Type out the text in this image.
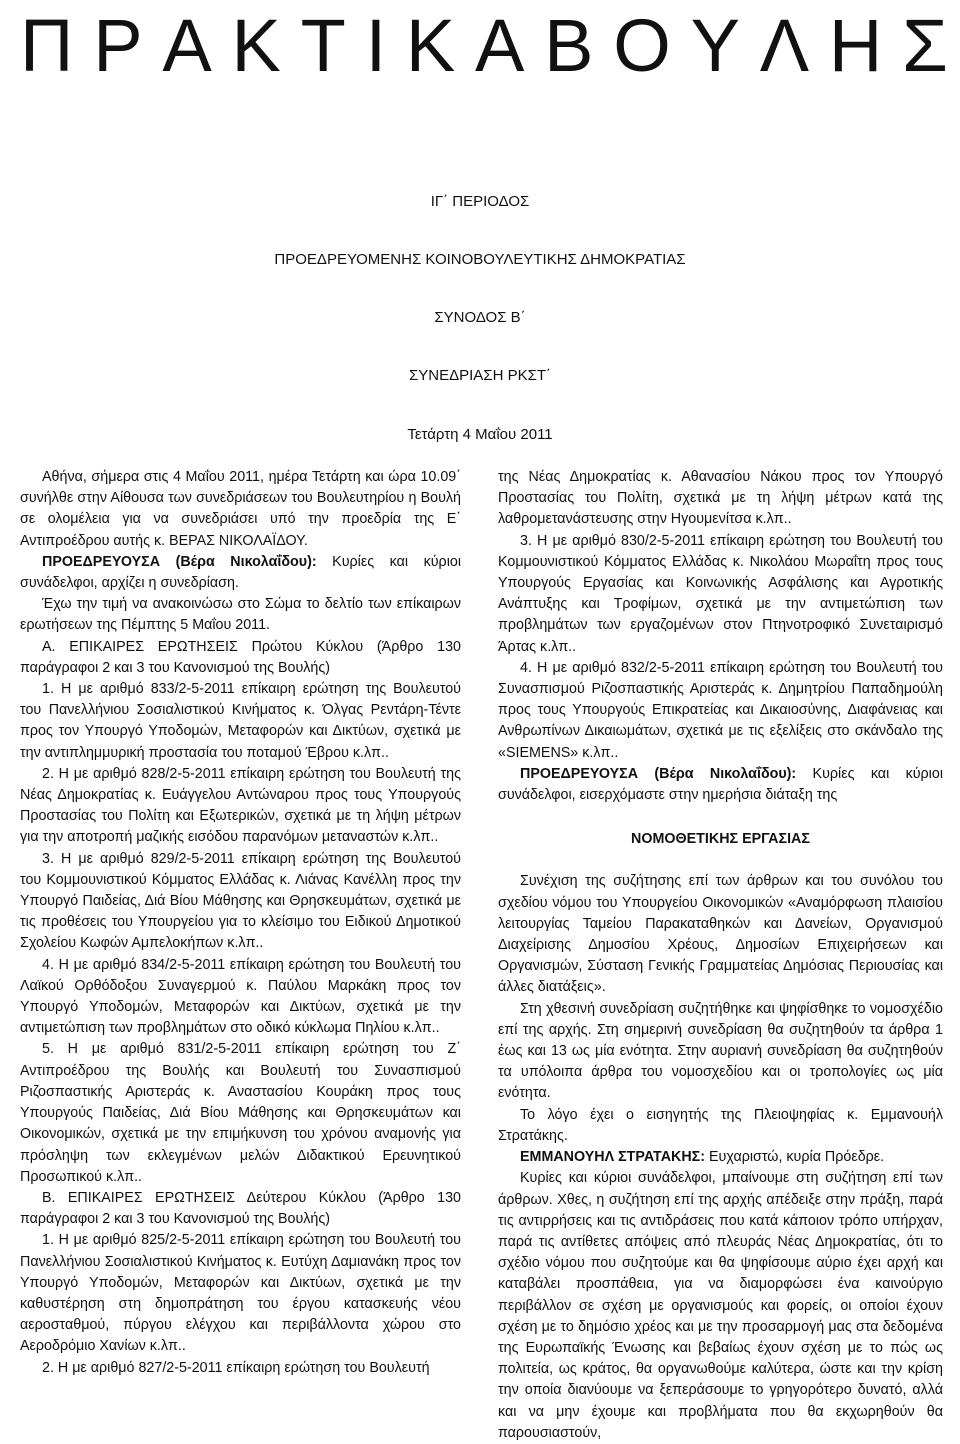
Π Ρ Α Κ Τ Ι Κ Α Β Ο Υ Λ Η Σ
ΙΓ΄ ΠΕΡΙΟΔΟΣ
ΠΡΟΕΔΡΕΥΟΜΕΝΗΣ ΚΟΙΝΟΒΟΥΛΕΥΤΙΚΗΣ ΔΗΜΟΚΡΑΤΙΑΣ
ΣΥΝΟΔΟΣ Β΄
ΣΥΝΕΔΡΙΑΣΗ ΡΚΣΤ΄
Τετάρτη 4 Μαΐου 2011

Αθήνα, σήμερα στις 4 Μαΐου 2011, ημέρα Τετάρτη και ώρα 10.09΄ συνήλθε στην Αίθουσα των συνεδριάσεων του Βουλευτηρίου η Βουλή σε ολομέλεια για να συνεδριάσει υπό την προεδρία της Ε΄ Αντιπροέδρου αυτής κ. ΒΕΡΑΣ ΝΙΚΟΛΑΪΔΟΥ.

ΠΡΟΕΔΡΕΥΟΥΣΑ (Βέρα Νικολαΐδου): Κυρίες και κύριοι συνάδελφοι, αρχίζει η συνεδρίαση.

Έχω την τιμή να ανακοινώσω στο Σώμα το δελτίο των επίκαιρων ερωτήσεων της Πέμπτης 5 Μαΐου 2011.

Α. ΕΠΙΚΑΙΡΕΣ ΕΡΩΤΗΣΕΙΣ Πρώτου Κύκλου (Άρθρο 130 παράγραφοι 2 και 3 του Κανονισμού της Βουλής)

1. Η με αριθμό 833/2-5-2011 επίκαιρη ερώτηση της Βουλευτού του Πανελλήνιου Σοσιαλιστικού Κινήματος κ. Όλγας Ρεντάρη-Τέντε προς τον Υπουργό Υποδομών, Μεταφορών και Δικτύων, σχετικά με την αντιπλημμυρική προστασία του ποταμού Έβρου κ.λπ..

2. Η με αριθμό 828/2-5-2011 επίκαιρη ερώτηση του Βουλευτή της Νέας Δημοκρατίας κ. Ευάγγελου Αντώναρου προς τους Υπουργούς Προστασίας του Πολίτη και Εξωτερικών, σχετικά με τη λήψη μέτρων για την αποτροπή μαζικής εισόδου παρανόμων μεταναστών κ.λπ..

3. Η με αριθμό 829/2-5-2011 επίκαιρη ερώτηση της Βουλευτού του Κομμουνιστικού Κόμματος Ελλάδας κ. Λιάνας Κανέλλη προς την Υπουργό Παιδείας, Διά Βίου Μάθησης και Θρησκευμάτων, σχετικά με τις προθέσεις του Υπουργείου για το κλείσιμο του Ειδικού Δημοτικού Σχολείου Κωφών Αμπελοκήπων κ.λπ..

4. Η με αριθμό 834/2-5-2011 επίκαιρη ερώτηση του Βουλευτή του Λαϊκού Ορθόδοξου Συναγερμού κ. Παύλου Μαρκάκη προς τον Υπουργό Υποδομών, Μεταφορών και Δικτύων, σχετικά με την αντιμετώπιση των προβλημάτων στο οδικό κύκλωμα Πηλίου κ.λπ..

5. Η με αριθμό 831/2-5-2011 επίκαιρη ερώτηση του Ζ΄ Αντιπροέδρου της Βουλής και Βουλευτή του Συνασπισμού Ριζοσπαστικής Αριστεράς κ. Αναστασίου Κουράκη προς τους Υπουργούς Παιδείας, Διά Βίου Μάθησης και Θρησκευμάτων και Οικονομικών, σχετικά με την επιμήκυνση του χρόνου αναμονής για πρόσληψη των εκλεγμένων μελών Διδακτικού Ερευνητικού Προσωπικού κ.λπ..

Β. ΕΠΙΚΑΙΡΕΣ ΕΡΩΤΗΣΕΙΣ Δεύτερου Κύκλου (Άρθρο 130 παράγραφοι 2 και 3 του Κανονισμού της Βουλής)

1. Η με αριθμό 825/2-5-2011 επίκαιρη ερώτηση του Βουλευτή του Πανελλήνιου Σοσιαλιστικού Κινήματος κ. Ευτύχη Δαμιανάκη προς τον Υπουργό Υποδομών, Μεταφορών και Δικτύων, σχετικά με την καθυστέρηση στη δημοπράτηση του έργου κατασκευής νέου αεροσταθμού, πύργου ελέγχου και περιβάλλοντα χώρου στο Αεροδρόμιο Χανίων κ.λπ..

2. Η με αριθμό 827/2-5-2011 επίκαιρη ερώτηση του Βουλευτή

της Νέας Δημοκρατίας κ. Αθανασίου Νάκου προς τον Υπουργό Προστασίας του Πολίτη, σχετικά με τη λήψη μέτρων κατά της λαθρομετανάστευσης στην Ηγουμενίτσα κ.λπ..

3. Η με αριθμό 830/2-5-2011 επίκαιρη ερώτηση του Βουλευτή του Κομμουνιστικού Κόμματος Ελλάδας κ. Νικολάου Μωραΐτη προς τους Υπουργούς Εργασίας και Κοινωνικής Ασφάλισης και Αγροτικής Ανάπτυξης και Τροφίμων, σχετικά με την αντιμετώπιση των προβλημάτων των εργαζομένων στον Πτηνοτροφικό Συνεταιρισμό Άρτας κ.λπ..

4. Η με αριθμό 832/2-5-2011 επίκαιρη ερώτηση του Βουλευτή του Συνασπισμού Ριζοσπαστικής Αριστεράς κ. Δημητρίου Παπαδημούλη προς τους Υπουργούς Επικρατείας και Δικαιοσύνης, Διαφάνειας και Ανθρωπίνων Δικαιωμάτων, σχετικά με τις εξελίξεις στο σκάνδαλο της «SIEMENS» κ.λπ..

ΠΡΟΕΔΡΕΥΟΥΣΑ (Βέρα Νικολαΐδου): Κυρίες και κύριοι συνάδελφοι, εισερχόμαστε στην ημερήσια διάταξη της

ΝΟΜΟΘΕΤΙΚΗΣ ΕΡΓΑΣΙΑΣ

Συνέχιση της συζήτησης επί των άρθρων και του συνόλου του σχεδίου νόμου του Υπουργείου Οικονομικών «Αναμόρφωση πλαισίου λειτουργίας Ταμείου Παρακαταθηκών και Δανείων, Οργανισμού Διαχείρισης Δημοσίου Χρέους, Δημοσίων Επιχειρήσεων και Οργανισμών, Σύσταση Γενικής Γραμματείας Δημόσιας Περιουσίας και άλλες διατάξεις».

Στη χθεσινή συνεδρίαση συζητήθηκε και ψηφίσθηκε το νομοσχέδιο επί της αρχής. Στη σημερινή συνεδρίαση θα συζητηθούν τα άρθρα 1 έως και 13 ως μία ενότητα. Στην αυριανή συνεδρίαση θα συζητηθούν τα υπόλοιπα άρθρα του νομοσχεδίου και οι τροπολογίες ως μία ενότητα.

Το λόγο έχει ο εισηγητής της Πλειοψηφίας κ. Εμμανουήλ Στρατάκης.

ΕΜΜΑΝΟΥΗΛ ΣΤΡΑΤΑΚΗΣ: Ευχαριστώ, κυρία Πρόεδρε.

Κυρίες και κύριοι συνάδελφοι, μπαίνουμε στη συζήτηση επί των άρθρων. Χθες, η συζήτηση επί της αρχής απέδειξε στην πράξη, παρά τις αντιρρήσεις και τις αντιδράσεις που κατά κάποιον τρόπο υπήρχαν, παρά τις αντίθετες απόψεις από πλευράς Νέας Δημοκρατίας, ότι το σχέδιο νόμου που συζητούμε και θα ψηφίσουμε αύριο έχει αρχή και καταβάλει προσπάθεια, για να διαμορφώσει ένα καινούργιο περιβάλλον σε σχέση με οργανισμούς και φορείς, οι οποίοι έχουν σχέση με το δημόσιο χρέος και με την προσαρμογή μας στα δεδομένα της Ευρωπαϊκής Ένωσης και βεβαίως έχουν σχέση με το πώς ως πολιτεία, ως κράτος, θα οργανωθούμε καλύτερα, ώστε και την κρίση την οποία διανύουμε να ξεπεράσουμε το γρηγορότερο δυνατό, αλλά και να μην έχουμε και προβλήματα που θα εκχωρηθούν θα παρουσιαστούν,
